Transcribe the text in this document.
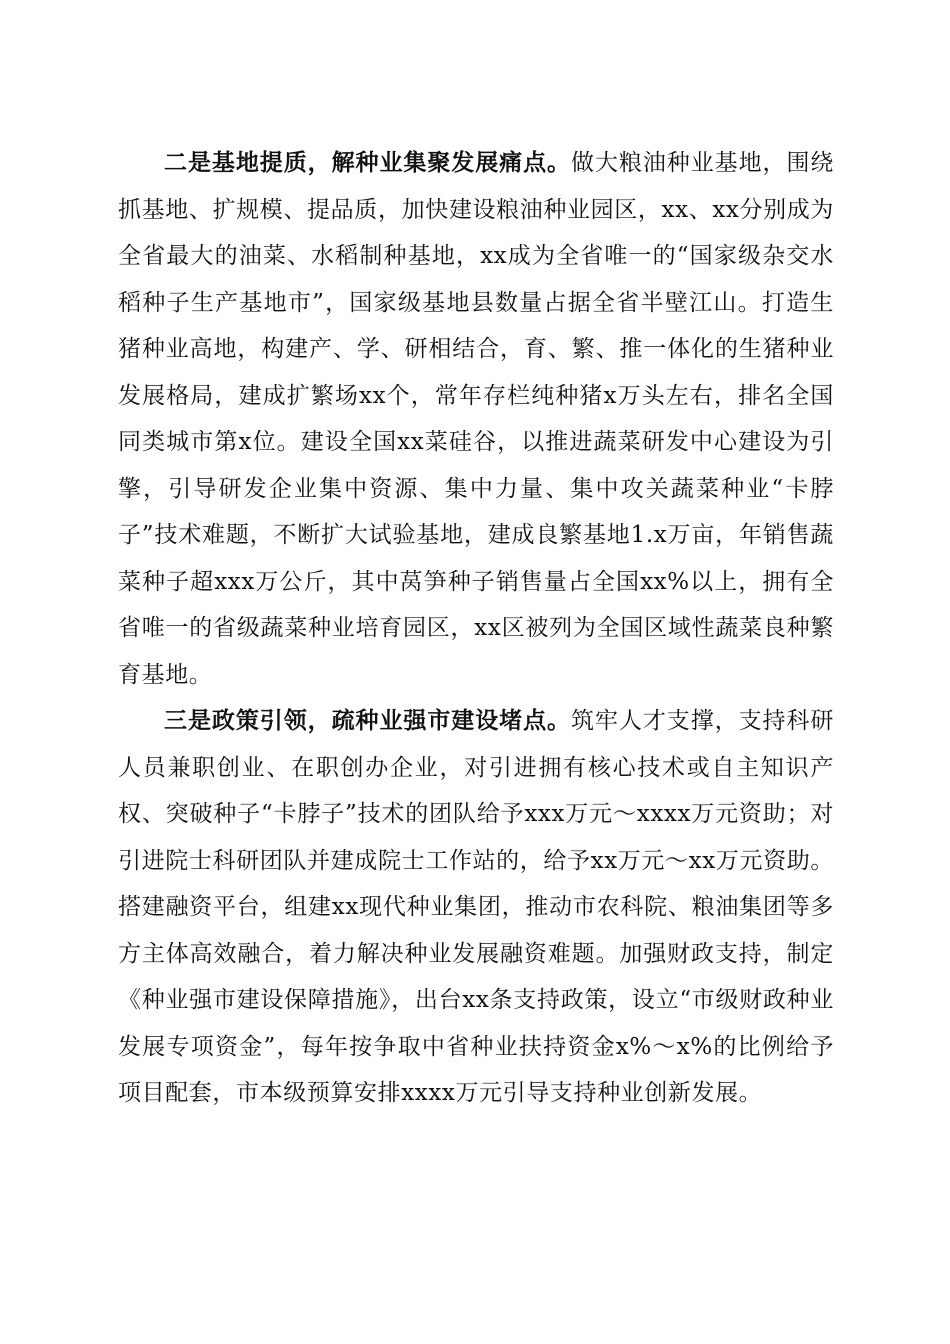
二是基地提质，解种业集聚发展痛点。做大粮油种业基地，围绕抓基地、扩规模、提品质，加快建设粮油种业园区，xx、xx分别成为全省最大的油菜、水稻制种基地，xx成为全省唯一的“国家级杂交水稻种子生产基地市”，国家级基地县数量占据全省半壁江山。打造生猪种业高地，构建产、学、研相结合，育、繁、推一体化的生猪种业发展格局，建成扩繁场xx个，常年存栏纯种猪x万头左右，排名全国同类城市第x位。建设全国xx菜硅谷，以推进蔬菜研发中心建设为引擎，引导研发企业集中资源、集中力量、集中攻关蔬菜种业“卡脖子”技术难题，不断扩大试验基地，建成良繁基地1.x万亩，年销售蔬菜种子超xxx万公斤，其中莴笋种子销售量占全国xx%以上，拥有全省唯一的省级蔬菜种业培育园区，xx区被列为全国区域性蔬菜良种繁育基地。

三是政策引领，疏种业强市建设堵点。筑牢人才支撑，支持科研人员兼职创业、在职创办企业，对引进拥有核心技术或自主知识产权、突破种子“卡脖子”技术的团队给予xxx万元～xxxx万元资助；对引进院士科研团队并建成院士工作站的，给予xx万元～xx万元资助。搭建融资平台，组建xx现代种业集团，推动市农科院、粮油集团等多方主体高效融合，着力解决种业发展融资难题。加强财政支持，制定《种业强市建设保障措施》，出台xx条支持政策，设立“市级财政种业发展专项资金”，每年按争取中省种业扶持资金x%～x%的比例给予项目配套，市本级预算安排xxxx万元引导支持种业创新发展。
